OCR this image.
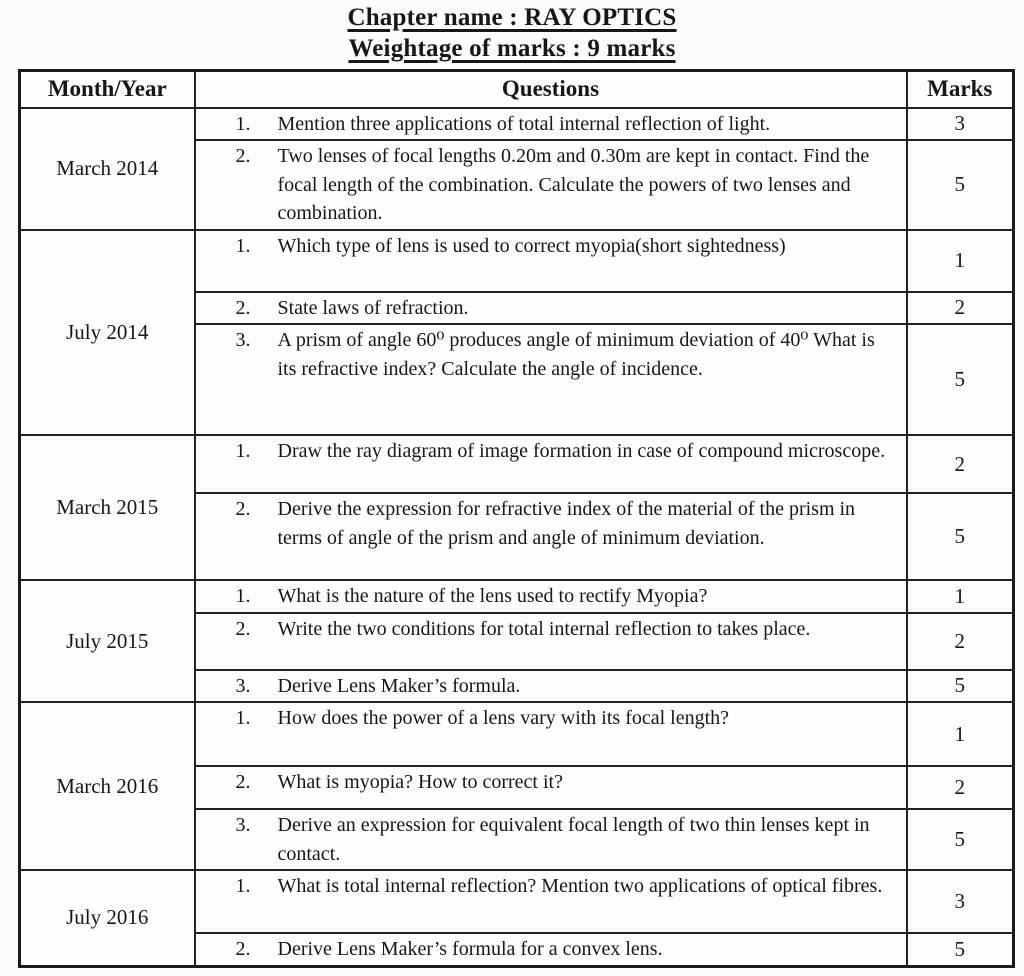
Chapter name : RAY OPTICS

Weightage of marks : 9 marks

Month/Year	Questions	Marks
March 2014	1. Mention three applications of total internal reflection of light.	3

	2. Two lenses of focal lengths 0.20m and 0.30m are kept in contact. Find the focal length of the combination. Calculate the powers of two lenses and combination.	5
July 2014	1. Which type of lens is used to correct myopia(short sightedness)	1

	2. State laws of refraction.	2

	3. A prism of angle 60⁰ produces angle of minimum deviation of 40⁰ What is its refractive index? Calculate the angle of incidence.	5
March 2015	1. Draw the ray diagram of image formation in case of compound microscope.	2

	2. Derive the expression for refractive index of the material of the prism in terms of angle of the prism and angle of minimum deviation.	5
July 2015	1. What is the nature of the lens used to rectify Myopia?	1

	2. Write the two conditions for total internal reflection to takes place.	2

	3. Derive Lens Maker’s formula.	5
March 2016	1. How does the power of a lens vary with its focal length?	1

	2. What is myopia? How to correct it?	2

	3. Derive an expression for equivalent focal length of two thin lenses kept in contact.	5
July 2016	1. What is total internal reflection? Mention two applications of optical fibres.	3

	2. Derive Lens Maker’s formula for a convex lens.	5
